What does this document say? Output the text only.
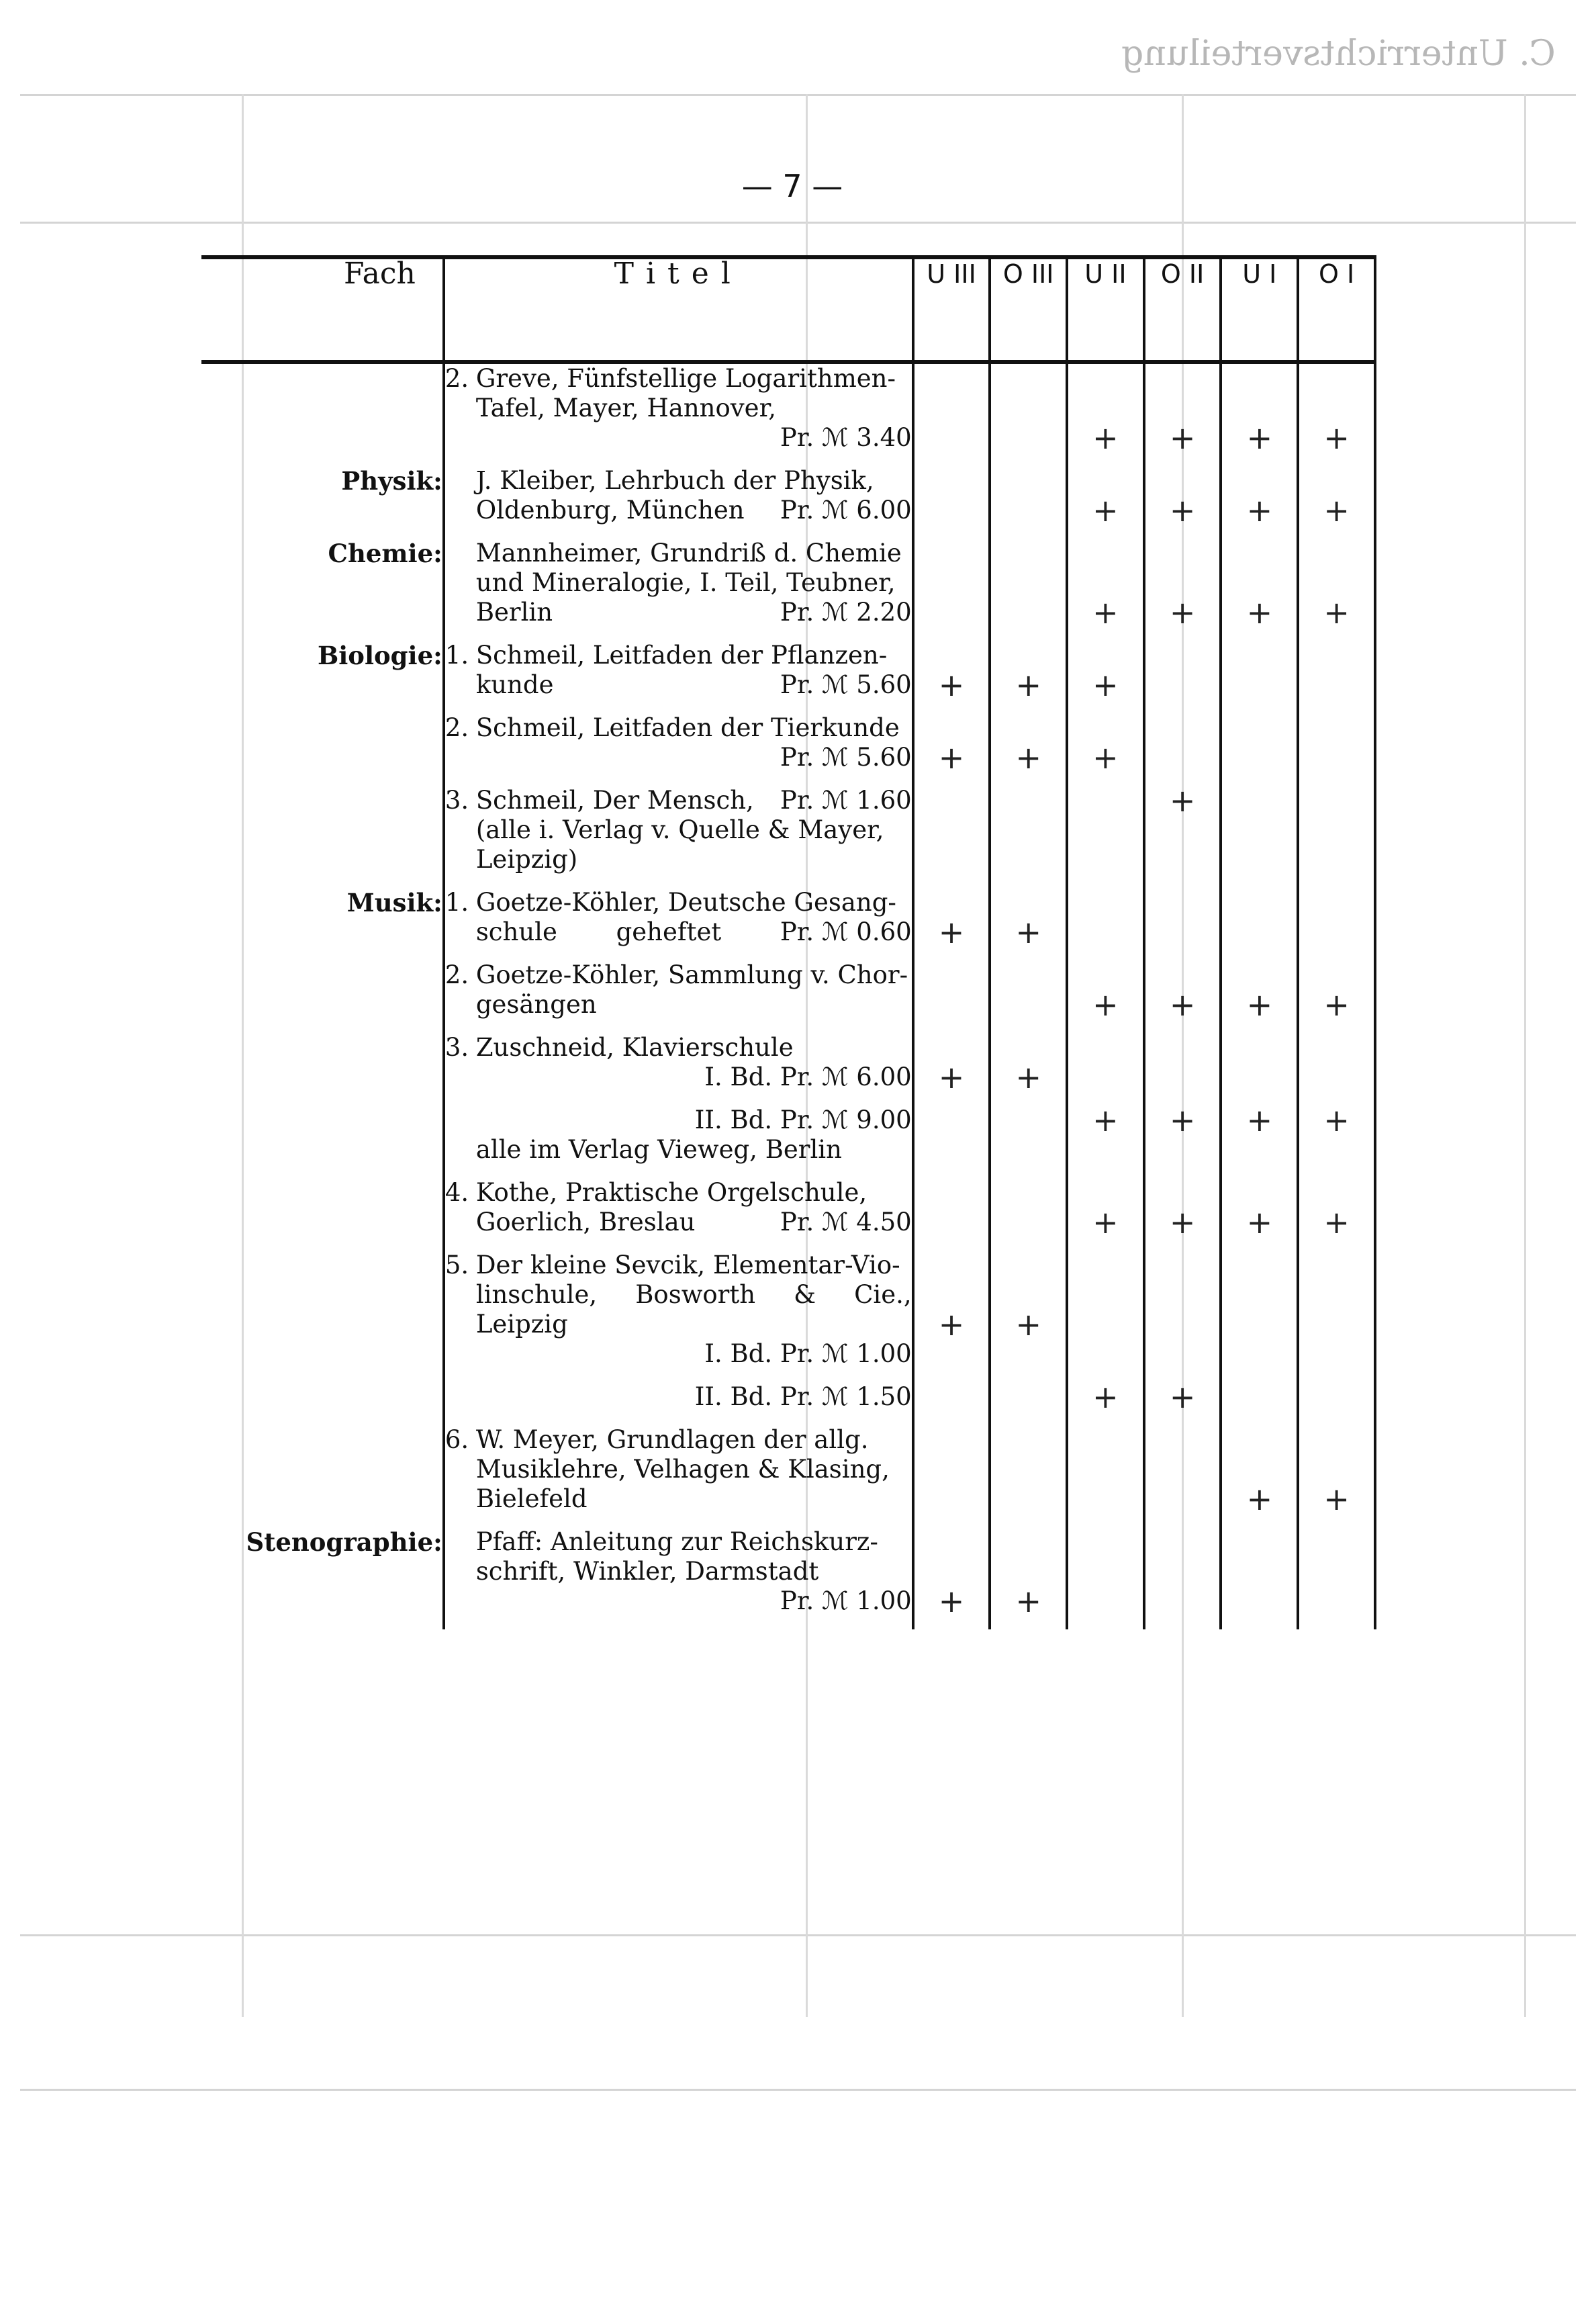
C. Unterrichtsverteilung
— 7 —
Fach	Titel	U III	O III	U II	O II	U I	O I

	2. Greve, Fünfstellige Logarithmen-
Tafel, Mayer, Hannover,
Pr. ℳ 3.40			+	+	+	+

Physik:	J. Kleiber, Lehrbuch der Physik,
Oldenburg, München Pr. ℳ 6.00			+	+	+	+

Chemie:	Mannheimer, Grundriß d. Chemie
und Mineralogie, I. Teil, Teubner,
Berlin Pr. ℳ 2.20			+	+	+	+

Biologie:	1. Schmeil, Leitfaden der Pflanzen-
kunde Pr. ℳ 5.60	+	+	+			

	2. Schmeil, Leitfaden der Tierkunde
Pr. ℳ 5.60	+	+	+			

	3. Schmeil, Der Mensch, Pr. ℳ 1.60
(alle i. Verlag v. Quelle & Mayer,
Leipzig)				+		

Musik:	1. Goetze-Köhler, Deutsche Gesang-
schule geheftet Pr. ℳ 0.60	+	+				

	2. Goetze-Köhler, Sammlung v. Chor-
gesängen			+	+	+	+

	3. Zuschneid, Klavierschule
I. Bd. Pr. ℳ 6.00	+	+				

	II. Bd. Pr. ℳ 9.00
alle im Verlag Vieweg, Berlin			+	+	+	+

	4. Kothe, Praktische Orgelschule,
Goerlich, Breslau Pr. ℳ 4.50			+	+	+	+

	5. Der kleine Sevcik, Elementar-Vio-
linschule, Bosworth & Cie., Leipzig
I. Bd. Pr. ℳ 1.00	+	+				

	II. Bd. Pr. ℳ 1.50			+	+		

	6. W. Meyer, Grundlagen der allg.
Musiklehre, Velhagen & Klasing,
Bielefeld					+	+

Stenographie:	Pfaff: Anleitung zur Reichskurz-
schrift, Winkler, Darmstadt
Pr. ℳ 1.00	+	+				
